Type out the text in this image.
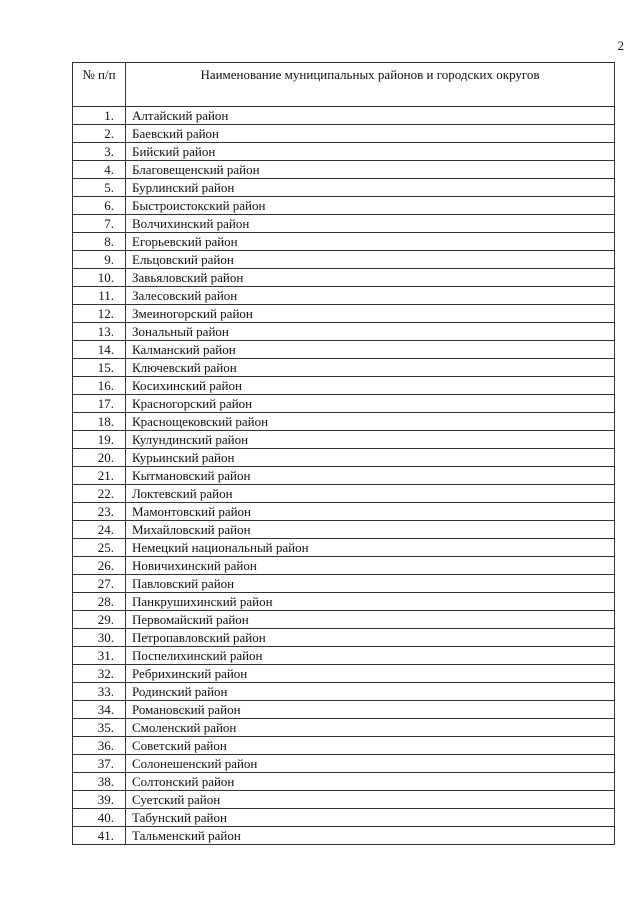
2
№ п/п	Наименование муниципальных районов и городских округов
1.	Алтайский район
2.	Баевский район
3.	Бийский район
4.	Благовещенский район
5.	Бурлинский район
6.	Быстроистокский район
7.	Волчихинский район
8.	Егорьевский район
9.	Ельцовский район
10.	Завьяловский район
11.	Залесовский район
12.	Змеиногорский район
13.	Зональный район
14.	Калманский район
15.	Ключевский район
16.	Косихинский район
17.	Красногорский район
18.	Краснощековский район
19.	Кулундинский район
20.	Курьинский район
21.	Кытмановский район
22.	Локтевский район
23.	Мамонтовский район
24.	Михайловский район
25.	Немецкий национальный район
26.	Новичихинский район
27.	Павловский район
28.	Панкрушихинский район
29.	Первомайский район
30.	Петропавловский район
31.	Поспелихинский район
32.	Ребрихинский район
33.	Родинский район
34.	Романовский район
35.	Смоленский район
36.	Советский район
37.	Солонешенский район
38.	Солтонский район
39.	Суетский район
40.	Табунский район
41.	Тальменский район
